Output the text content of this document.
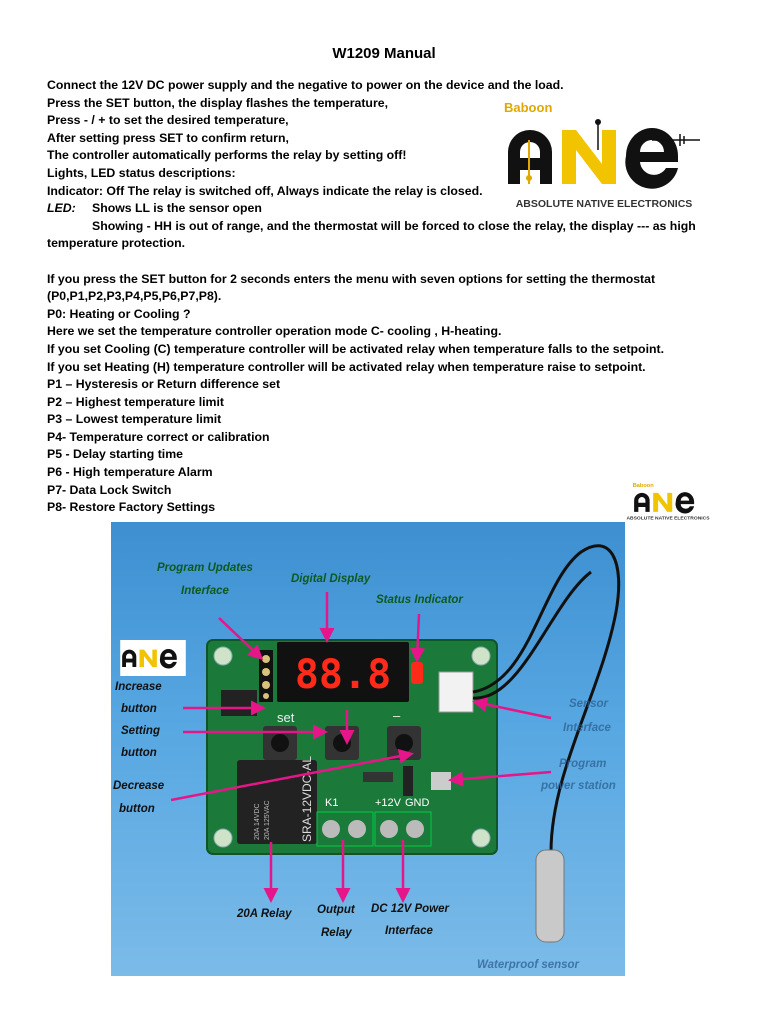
W1209 Manual
Connect the 12V DC power supply and the negative to power on the device and the load.
Press the SET button, the display flashes the temperature,
Press - / + to set the desired temperature,
After setting press SET to confirm return,
The controller automatically performs the relay by setting off!
Lights, LED status descriptions:
Indicator: Off The relay is switched off, Always indicate the relay is closed.
LED: Shows LL is the sensor open
Showing - HH is out of range, and the thermostat will be forced to close the relay, the display --- as high temperature protection.
If you press the SET button for 2 seconds enters the menu with seven options for setting the thermostat
(P0,P1,P2,P3,P4,P5,P6,P7,P8).
P0: Heating or Cooling ?
Here we set the temperature controller operation mode C- cooling , H-heating.
If you set Cooling (C) temperature controller will be activated relay when temperature falls to the setpoint.
If you set Heating (H) temperature controller will be activated relay when temperature raise to setpoint.
P1 – Hysteresis or Return difference set
P2 – Highest temperature limit
P3 – Lowest temperature limit
P4- Temperature correct or calibration
P5 - Delay starting time
P6 - High temperature Alarm
P7- Data Lock Switch
P8- Restore Factory Settings
Baboon
ABSOLUTE NATIVE ELECTRONICS
Baboon
ABSOLUTE NATIVE ELECTRONICS
88.8
set	–
K1	+12V GND
SRA-12VDC-AL
20A 14VDC 20A 125VAC
Program Updates
Interface
Digital Display
Status Indicator
Increase
button
Setting
button
Decrease
button
Sensor
Interface
Program
power station
20A Relay Output
Relay
DC 12V Power
Interface
Waterproof sensor
